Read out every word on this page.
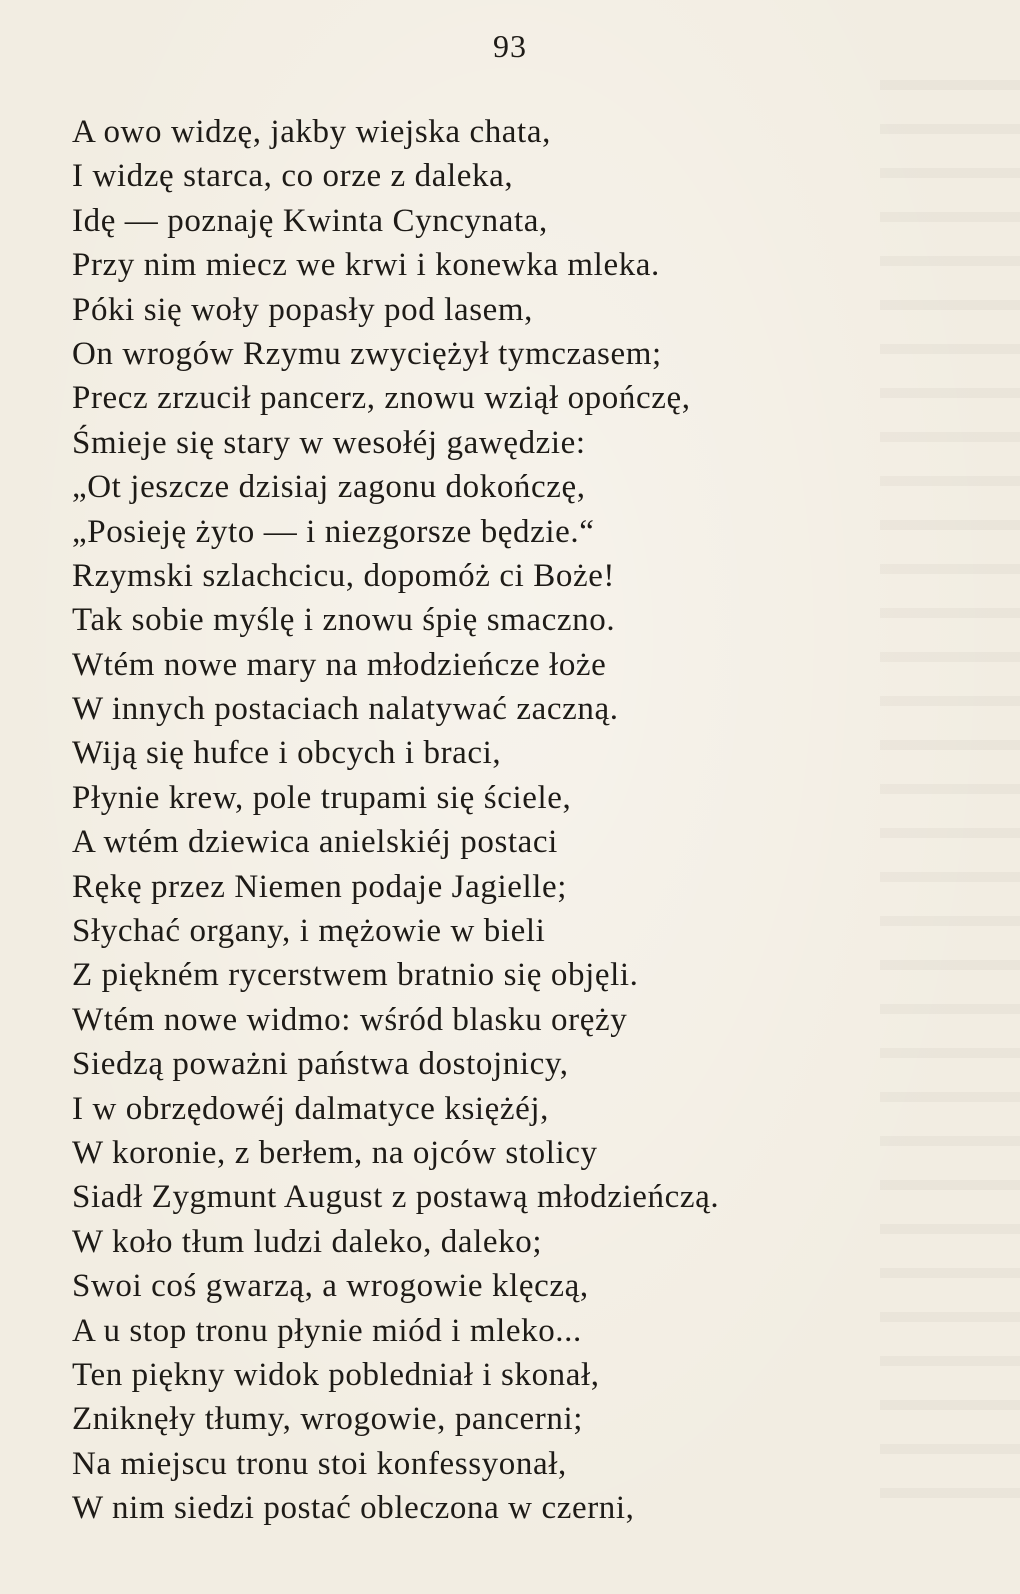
93
A owo widzę, jakby wiejska chata,
I widzę starca, co orze z daleka,
Idę — poznaję Kwinta Cyncynata,
Przy nim miecz we krwi i konewka mleka.
Póki się woły popasły pod lasem,
On wrogów Rzymu zwyciężył tymczasem;
Precz zrzucił pancerz, znowu wziął opończę,
Śmieje się stary w wesołéj gawędzie:
„Ot jeszcze dzisiaj zagonu dokończę,
„Posieję żyto — i niezgorsze będzie.“
Rzymski szlachcicu, dopomóż ci Boże!
Tak sobie myślę i znowu śpię smaczno.
Wtém nowe mary na młodzieńcze łoże
W innych postaciach nalatywać zaczną.
Wiją się hufce i obcych i braci,
Płynie krew, pole trupami się ściele,
A wtém dziewica anielskiéj postaci
Rękę przez Niemen podaje Jagielle;
Słychać organy, i mężowie w bieli
Z piękném rycerstwem bratnio się objęli.
Wtém nowe widmo: wśród blasku oręży
Siedzą poważni państwa dostojnicy,
I w obrzędowéj dalmatyce księżéj,
W koronie, z berłem, na ojców stolicy
Siadł Zygmunt August z postawą młodzieńczą.
W koło tłum ludzi daleko, daleko;
Swoi coś gwarzą, a wrogowie klęczą,
A u stop tronu płynie miód i mleko...
Ten piękny widok pobledniał i skonał,
Zniknęły tłumy, wrogowie, pancerni;
Na miejscu tronu stoi konfessyonał,
W nim siedzi postać obleczona w czerni,
